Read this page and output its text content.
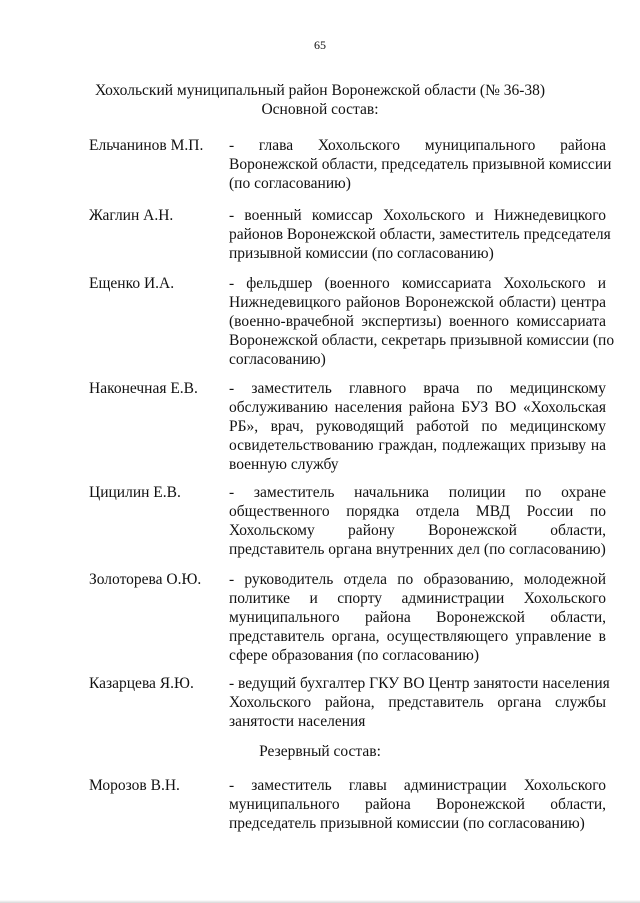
65
Хохольский муниципальный район Воронежской области (№ 36-38)
Основной состав:
Ельчанинов М.П. - глава Хохольского муниципального района
Воронежской области, председатель призывной комиссии
(по согласованию)
Жаглин А.Н.	- военный комиссар Хохольского и Нижнедевицкого
районов Воронежской области, заместитель председателя
призывной комиссии (по согласованию)
Ещенко И.А.	- фельдшер (военного комиссариата Хохольского и
Нижнедевицкого районов Воронежской области) центра
(военно-врачебной экспертизы) военного комиссариата
Воронежской области, секретарь призывной комиссии (по
согласованию)
Наконечная Е.В. - заместитель главного врача по медицинскому
обслуживанию населения района БУЗ ВО «Хохольская
РБ», врач, руководящий работой по медицинскому
освидетельствованию граждан, подлежащих призыву на
военную службу
Цицилин Е.В.	- заместитель начальника полиции по охране
общественного порядка отдела МВД России по
Хохольскому району Воронежской области,
представитель органа внутренних дел (по согласованию)
Золоторева О.Ю. - руководитель отдела по образованию, молодежной
политике и спорту администрации Хохольского
муниципального района Воронежской области,
представитель органа, осуществляющего управление в
сфере образования (по согласованию)
Казарцева Я.Ю. - ведущий бухгалтер ГКУ ВО Центр занятости населения
Хохольского района, представитель органа службы
занятости населения
Резервный состав:
Морозов В.Н.	- заместитель главы администрации Хохольского
муниципального района Воронежской области,
председатель призывной комиссии (по согласованию)
